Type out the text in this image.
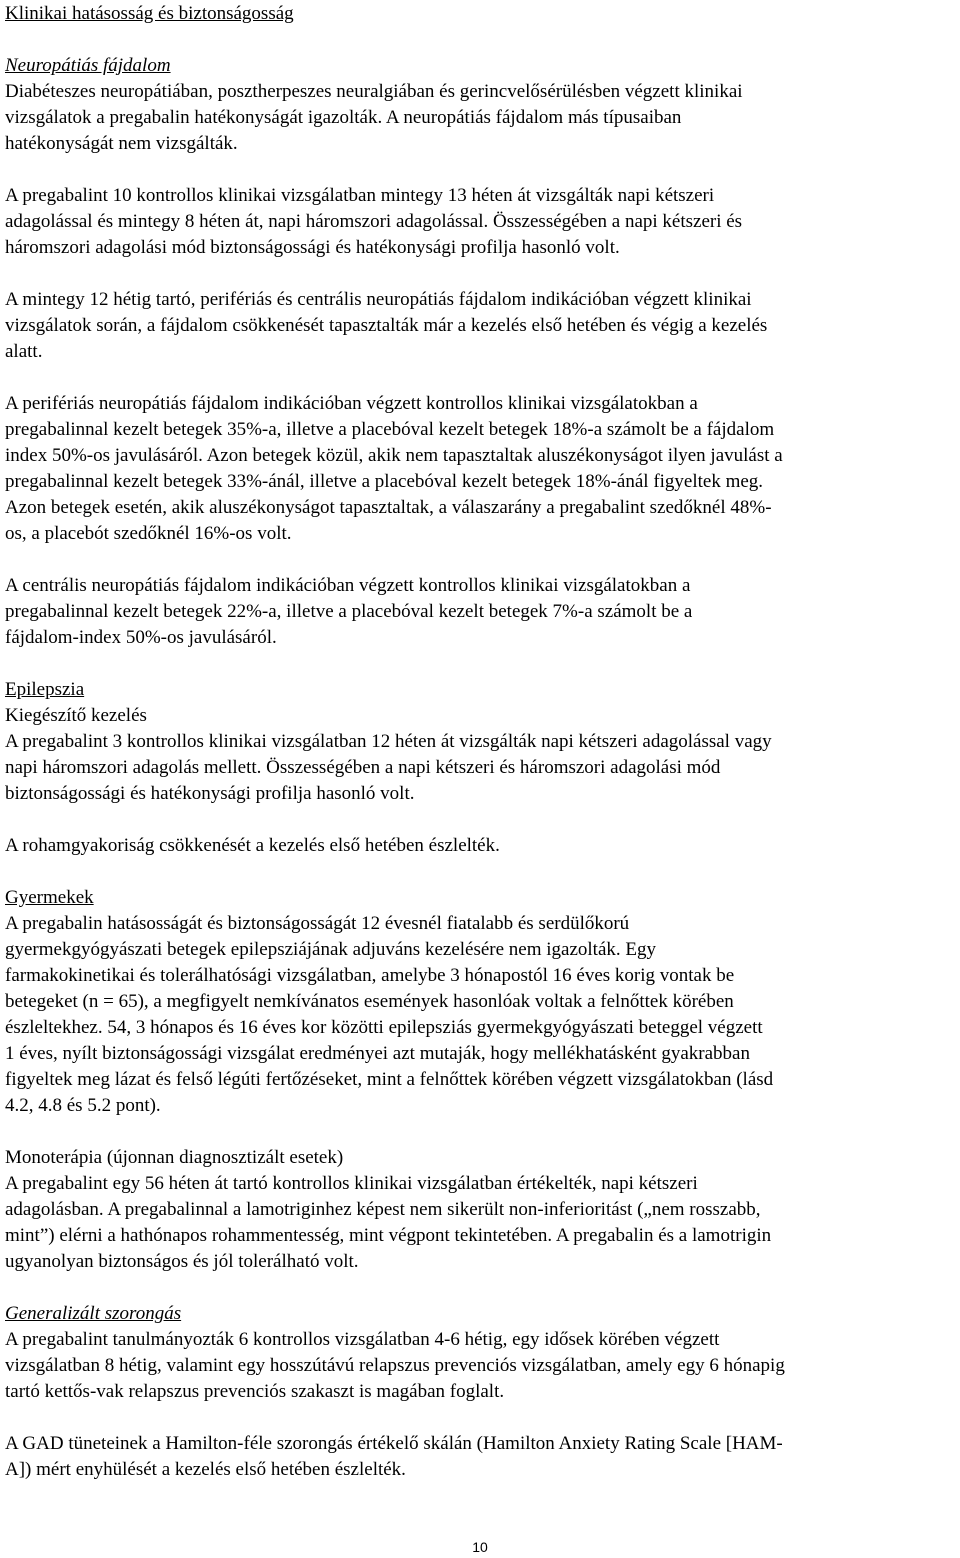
Klinikai hatásosság és biztonságosság
Neuropátiás fájdalom
Diabéteszes neuropátiában, posztherpeszes neuralgiában és gerincvelősérülésben végzett klinikai
vizsgálatok a pregabalin hatékonyságát igazolták. A neuropátiás fájdalom más típusaiban
hatékonyságát nem vizsgálták.
A pregabalint 10 kontrollos klinikai vizsgálatban mintegy 13 héten át vizsgálták napi kétszeri
adagolással és mintegy 8 héten át, napi háromszori adagolással. Összességében a napi kétszeri és
háromszori adagolási mód biztonságossági és hatékonysági profilja hasonló volt.
A mintegy 12 hétig tartó, perifériás és centrális neuropátiás fájdalom indikációban végzett klinikai
vizsgálatok során, a fájdalom csökkenését tapasztalták már a kezelés első hetében és végig a kezelés
alatt.
A perifériás neuropátiás fájdalom indikációban végzett kontrollos klinikai vizsgálatokban a
pregabalinnal kezelt betegek 35%-a, illetve a placebóval kezelt betegek 18%-a számolt be a fájdalom
index 50%-os javulásáról. Azon betegek közül, akik nem tapasztaltak aluszékonyságot ilyen javulást a
pregabalinnal kezelt betegek 33%-ánál, illetve a placebóval kezelt betegek 18%-ánál figyeltek meg.
Azon betegek esetén, akik aluszékonyságot tapasztaltak, a válaszarány a pregabalint szedőknél 48%-
os, a placebót szedőknél 16%-os volt.
A centrális neuropátiás fájdalom indikációban végzett kontrollos klinikai vizsgálatokban a
pregabalinnal kezelt betegek 22%-a, illetve a placebóval kezelt betegek 7%-a számolt be a
fájdalom-index 50%-os javulásáról.
Epilepszia
Kiegészítő kezelés
A pregabalint 3 kontrollos klinikai vizsgálatban 12 héten át vizsgálták napi kétszeri adagolással vagy
napi háromszori adagolás mellett. Összességében a napi kétszeri és háromszori adagolási mód
biztonságossági és hatékonysági profilja hasonló volt.
A rohamgyakoriság csökkenését a kezelés első hetében észlelték.
Gyermekek
A pregabalin hatásosságát és biztonságosságát 12 évesnél fiatalabb és serdülőkorú
gyermekgyógyászati betegek epilepsziájának adjuváns kezelésére nem igazolták. Egy
farmakokinetikai és tolerálhatósági vizsgálatban, amelybe 3 hónapostól 16 éves korig vontak be
betegeket (n = 65), a megfigyelt nemkívánatos események hasonlóak voltak a felnőttek körében
észleltekhez. 54, 3 hónapos és 16 éves kor közötti epilepsziás gyermekgyógyászati beteggel végzett
1 éves, nyílt biztonságossági vizsgálat eredményei azt mutaják, hogy mellékhatásként gyakrabban
figyeltek meg lázat és felső légúti fertőzéseket, mint a felnőttek körében végzett vizsgálatokban (lásd
4.2, 4.8 és 5.2 pont).
Monoterápia (újonnan diagnosztizált esetek)
A pregabalint egy 56 héten át tartó kontrollos klinikai vizsgálatban értékelték, napi kétszeri
adagolásban. A pregabalinnal a lamotriginhez képest nem sikerült non-inferioritást („nem rosszabb,
mint”) elérni a hathónapos rohammentesség, mint végpont tekintetében. A pregabalin és a lamotrigin
ugyanolyan biztonságos és jól tolerálható volt.
Generalizált szorongás
A pregabalint tanulmányozták 6 kontrollos vizsgálatban 4-6 hétig, egy idősek körében végzett
vizsgálatban 8 hétig, valamint egy hosszútávú relapszus prevenciós vizsgálatban, amely egy 6 hónapig
tartó kettős-vak relapszus prevenciós szakaszt is magában foglalt.
A GAD tüneteinek a Hamilton-féle szorongás értékelő skálán (Hamilton Anxiety Rating Scale [HAM-
A]) mért enyhülését a kezelés első hetében észlelték.
10
